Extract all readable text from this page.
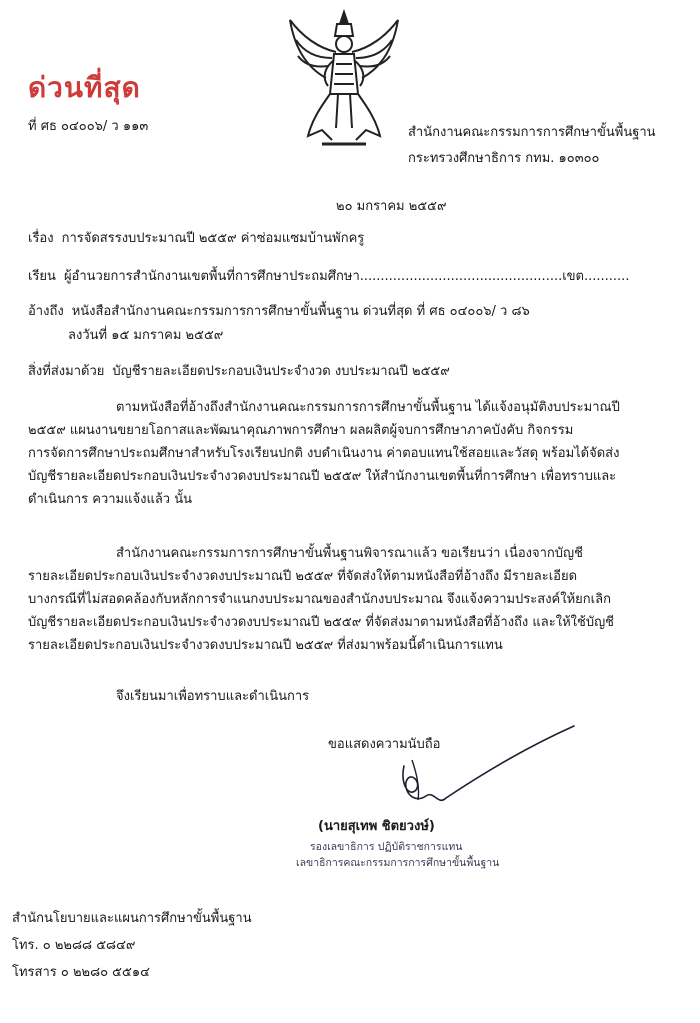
ด่วนที่สุด
ที่ ศธ ๐๔๐๐๖/ ว ๑๑๓	สำนักงานคณะกรรมการการศึกษาขั้นพื้นฐาน
กระทรวงศึกษาธิการ กทม. ๑๐๓๐๐
๒๐ มกราคม ๒๕๕๙
เรื่อง การจัดสรรงบประมาณปี ๒๕๕๙ ค่าซ่อมแซมบ้านพักครู
เรียน ผู้อำนวยการสำนักงานเขตพื้นที่การศึกษาประถมศึกษา.................................................เขต...........
อ้างถึง หนังสือสำนักงานคณะกรรมการการศึกษาขั้นพื้นฐาน ด่วนที่สุด ที่ ศธ ๐๔๐๐๖/ ว ๘๖
ลงวันที่ ๑๕ มกราคม ๒๕๕๙
สิ่งที่ส่งมาด้วย บัญชีรายละเอียดประกอบเงินประจำงวด งบประมาณปี ๒๕๕๙
ตามหนังสือที่อ้างถึงสำนักงานคณะกรรมการการศึกษาขั้นพื้นฐาน ได้แจ้งอนุมัติงบประมาณปี
๒๕๕๙ แผนงานขยายโอกาสและพัฒนาคุณภาพการศึกษา ผลผลิตผู้จบการศึกษาภาคบังคับ กิจกรรม
การจัดการศึกษาประถมศึกษาสำหรับโรงเรียนปกติ งบดำเนินงาน ค่าตอบแทนใช้สอยและวัสดุ พร้อมได้จัดส่ง
บัญชีรายละเอียดประกอบเงินประจำงวดงบประมาณปี ๒๕๕๙ ให้สำนักงานเขตพื้นที่การศึกษา เพื่อทราบและ
ดำเนินการ ความแจ้งแล้ว นั้น
สำนักงานคณะกรรมการการศึกษาขั้นพื้นฐานพิจารณาแล้ว ขอเรียนว่า เนื่องจากบัญชี
รายละเอียดประกอบเงินประจำงวดงบประมาณปี ๒๕๕๙ ที่จัดส่งให้ตามหนังสือที่อ้างถึง มีรายละเอียด
บางกรณีที่ไม่สอดคล้องกับหลักการจำแนกงบประมาณของสำนักงบประมาณ จึงแจ้งความประสงค์ให้ยกเลิก
บัญชีรายละเอียดประกอบเงินประจำงวดงบประมาณปี ๒๕๕๙ ที่จัดส่งมาตามหนังสือที่อ้างถึง และให้ใช้บัญชี
รายละเอียดประกอบเงินประจำงวดงบประมาณปี ๒๕๕๙ ที่ส่งมาพร้อมนี้ดำเนินการแทน
จึงเรียนมาเพื่อทราบและดำเนินการ
ขอแสดงความนับถือ
(นายสุเทพ ชิตยวงษ์)
รองเลขาธิการ ปฏิบัติราชการแทน
เลขาธิการคณะกรรมการการศึกษาขั้นพื้นฐาน
สำนักนโยบายและแผนการศึกษาขั้นพื้นฐาน
โทร. ๐ ๒๒๘๘ ๕๘๔๙
โทรสาร ๐ ๒๒๘๐ ๕๕๑๔
